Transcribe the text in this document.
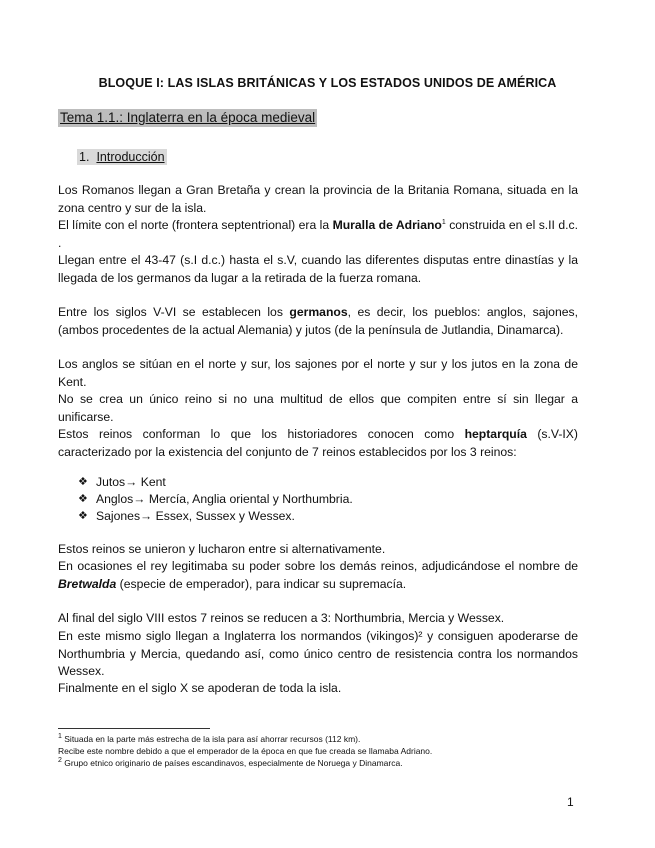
BLOQUE I: LAS ISLAS BRITÁNICAS Y LOS ESTADOS UNIDOS DE AMÉRICA
Tema 1.1.: Inglaterra en la época medieval
1. Introducción
Los Romanos llegan a Gran Bretaña y crean la provincia de la Britania Romana, situada en la zona centro y sur de la isla.
El límite con el norte (frontera septentrional) era la Muralla de Adriano$^1$ construida en el s.II d.c. .
Llegan entre el 43-47 (s.I d.c.) hasta el s.V, cuando las diferentes disputas entre dinastías y la llegada de los germanos da lugar a la retirada de la fuerza romana.
Entre los siglos V-VI se establecen los germanos, es decir, los pueblos: anglos, sajones, (ambos procedentes de la actual Alemania) y jutos (de la península de Jutlandia, Dinamarca).
Los anglos se sitúan en el norte y sur, los sajones por el norte y sur y los jutos en la zona de Kent.
No se crea un único reino si no una multitud de ellos que compiten entre sí sin llegar a unificarse.
Estos reinos conforman lo que los historiadores conocen como heptarquía (s.V-IX) caracterizado por la existencia del conjunto de 7 reinos establecidos por los 3 reinos:
❖ Jutos→ Kent
❖ Anglos→ Mercía, Anglia oriental y Northumbria.
❖ Sajones→ Essex, Sussex y Wessex.
Estos reinos se unieron y lucharon entre si alternativamente.
En ocasiones el rey legitimaba su poder sobre los demás reinos, adjudicándose el nombre de Bretwalda (especie de emperador), para indicar su supremacía.
Al final del siglo VIII estos 7 reinos se reducen a 3: Northumbria, Mercia y Wessex.
En este mismo siglo llegan a Inglaterra los normandos (vikingos)² y consiguen apoderarse de Northumbria y Mercia, quedando así, como único centro de resistencia contra los normandos Wessex.
Finalmente en el siglo X se apoderan de toda la isla.
$^1$ Situada en la parte más estrecha de la isla para así ahorrar recursos (112 km).
Recibe este nombre debido a que el emperador de la época en que fue creada se llamaba Adriano.
$^2$ Grupo etnico originario de países escandinavos, especialmente de Noruega y Dinamarca.
1
